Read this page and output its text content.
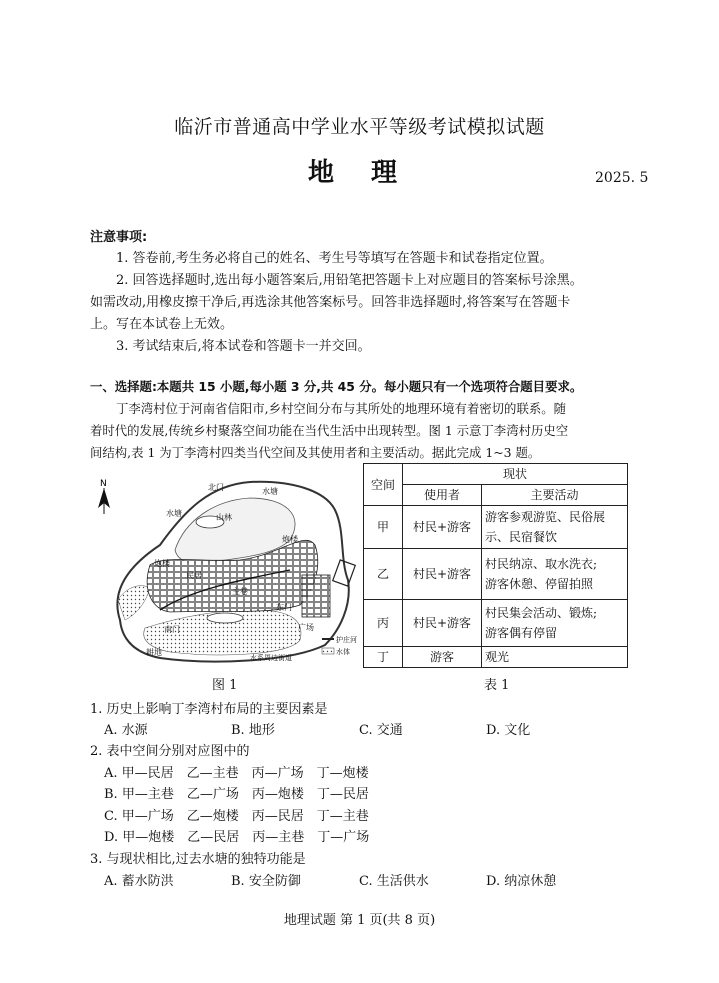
临沂市普通高中学业水平等级考试模拟试题
地 理	2025. 5
注意事项:
1. 答卷前,考生务必将自己的姓名、考生号等填写在答题卡和试卷指定位置。
2. 回答选择题时,选出每小题答案后,用铅笔把答题卡上对应题目的答案标号涂黑。
如需改动,用橡皮擦干净后,再选涂其他答案标号。回答非选择题时,将答案写在答题卡
上。写在本试卷上无效。
3. 考试结束后,将本试卷和答题卡一并交回。
一、选择题:本题共 15 小题,每小题 3 分,共 45 分。每小题只有一个选项符合题目要求。
丁李湾村位于河南省信阳市,乡村空间分布与其所处的地理环境有着密切的联系。随
着时代的发展,传统乡村聚落空间功能在当代生活中出现转型。图 1 示意丁李湾村历史空
间结构,表 1 为丁李湾村四类当代空间及其使用者和主要活动。据此完成 1~3 题。
N	北门	水塘
水塘	山林
炮楼
炮楼
民居
东门
广场
主巷
南门
耕地
水系周边街道
护庄河
水体
图 1
空间	现状	
	使用者	主要活动
甲	村民+游客	游客参观游览、民俗展
示、民宿餐饮
乙	村民+游客	村民纳凉、取水洗衣;
游客休憩、停留拍照
丙	村民+游客	村民集会活动、锻炼;
游客偶有停留
丁	游客	观光
表 1
1. 历史上影响丁李湾村布局的主要因素是
A. 水源	B. 地形	C. 交通	D. 文化
2. 表中空间分别对应图中的
A. 甲—民居　乙—主巷　丙—广场　丁—炮楼
B. 甲—主巷　乙—广场　丙—炮楼　丁—民居
C. 甲—广场　乙—炮楼　丙—民居　丁—主巷
D. 甲—炮楼　乙—民居　丙—主巷　丁—广场
3. 与现状相比,过去水塘的独特功能是
A. 蓄水防洪	B. 安全防御	C. 生活供水	D. 纳凉休憩
地理试题 第 1 页(共 8 页)
